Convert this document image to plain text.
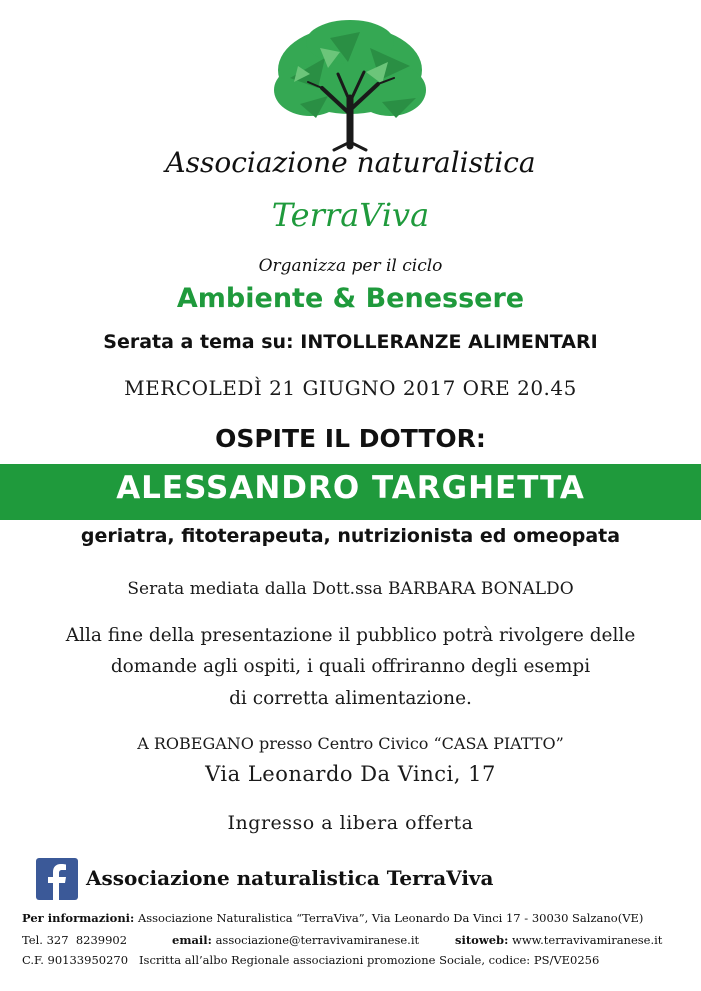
Associazione naturalistica
TerraViva
Organizza per il ciclo
Ambiente & Benessere
Serata a tema su: INTOLLERANZE ALIMENTARI
MERCOLEDÌ 21 GIUGNO 2017 ORE 20.45
OSPITE IL DOTTOR:
ALESSANDRO TARGHETTA
geriatra, fitoterapeuta, nutrizionista ed omeopata
Serata mediata dalla Dott.ssa BARBARA BONALDO
Alla fine della presentazione il pubblico potrà rivolgere delle
domande agli ospiti, i quali offriranno degli esempi
di corretta alimentazione.
A ROBEGANO presso Centro Civico “CASA PIATTO”
Via Leonardo Da Vinci, 17
Ingresso a libera offerta
Associazione naturalistica TerraViva
Per informazioni: Associazione Naturalistica “TerraViva”, Via Leonardo Da Vinci 17 - 30030 Salzano(VE)
Tel. 327  8239902	email: associazione@terravivamiranese.it	sitoweb: www.terravivamiranese.it
C.F. 90133950270   Iscritta all’albo Regionale associazioni promozione Sociale, codice: PS/VE0256
